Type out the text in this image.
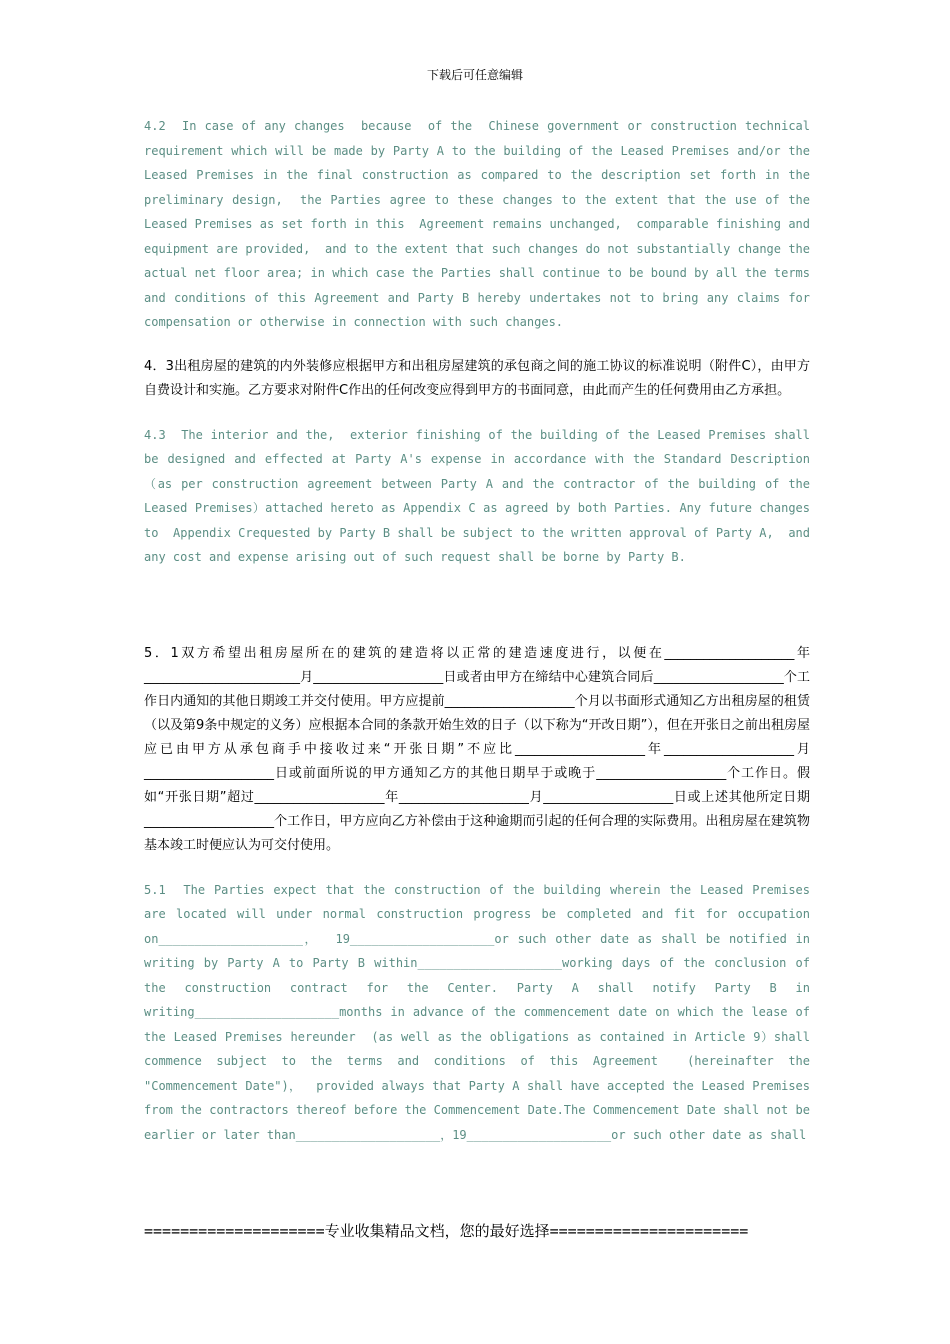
下载后可任意编辑

4.2  In case of any changes  because  of the  Chinese government or construction technical requirement which will be made by Party A to the building of the Leased Premises and/or the Leased Premises in the final construction as compared to the description set forth in the preliminary design,  the Parties agree to these changes to the extent that the use of the Leased Premises as set forth in this  Agreement remains unchanged,  comparable finishing and equipment are provided,  and to the extent that such changes do not substantially change the actual net floor area; in which case the Parties shall continue to be bound by all the terms and conditions of this Agreement and Party B hereby undertakes not to bring any claims for compensation or otherwise in connection with such changes.

4．3出租房屋的建筑的内外装修应根据甲方和出租房屋建筑的承包商之间的施工协议的标准说明（附件C），由甲方自费设计和实施。乙方要求对附件C作出的任何改变应得到甲方的书面同意，由此而产生的任何费用由乙方承担。

4.3  The interior and the,  exterior finishing of the building of the Leased Premises shall be designed and effected at Party A's expense in accordance with the Standard Description （as per construction agreement between Party A and the contractor of the building of the Leased Premises）attached hereto as Appendix C as agreed by both Parties. Any future changes to  Appendix Crequested by Party B shall be subject to the written approval of Party A,  and any cost and expense arising out of such request shall be borne by Party B.

5．1双方希望出租房屋所在的建筑的建造将以正常的建造速度进行，以便在____________________年________________________月____________________日或者由甲方在缔结中心建筑合同后____________________个工作日内通知的其他日期竣工并交付使用。甲方应提前____________________个月以书面形式通知乙方出租房屋的租赁（以及第9条中规定的义务）应根据本合同的条款开始生效的日子（以下称为“开改日期”），但在开张日之前出租房屋应已由甲方从承包商手中接收过来“开张日期”不应比____________________年____________________月____________________日或前面所说的甲方通知乙方的其他日期早于或晚于____________________个工作日。假如“开张日期”超过____________________年____________________月____________________日或上述其他所定日期____________________个工作日，甲方应向乙方补偿由于这种逾期而引起的任何合理的实际费用。出租房屋在建筑物基本竣工时便应认为可交付使用。

5.1  The Parties expect that the construction of the building wherein the Leased Premises are located will under normal construction progress be completed and fit for occupation on____________________，  19____________________or such other date as shall be notified in writing by Party A to Party B within____________________working days of the conclusion of the construction contract for the Center. Party A shall notify Party B in writing____________________months in advance of the commencement date on which the lease of the Leased Premises hereunder  (as well as the obligations as contained in Article 9）shall commence subject to the terms and conditions of this Agreement  (hereinafter the "Commencement Date")，  provided always that Party A shall have accepted the Leased Premises from the contractors thereof before the Commencement Date.The Commencement Date shall not be earlier or later than____________________，19____________________or such other date as shall

====================专业收集精品文档，您的最好选择======================
